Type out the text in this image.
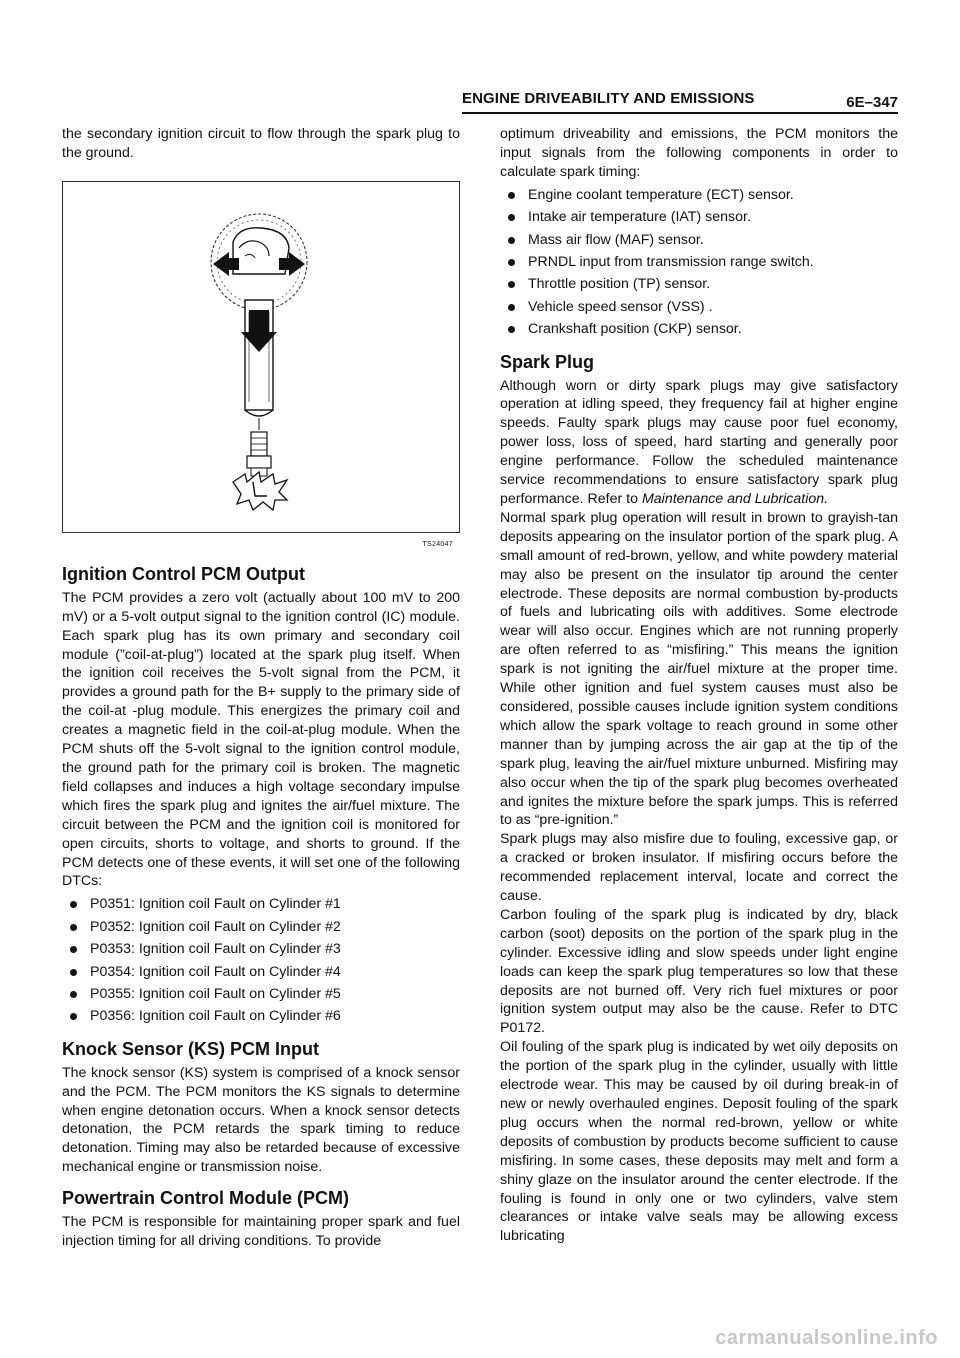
ENGINE DRIVEABILITY AND EMISSIONS	6E–347

the secondary ignition circuit to flow through the spark plug to the ground.

TS24047
Ignition Control PCM Output

The PCM provides a zero volt (actually about 100 mV to 200 mV) or a 5-volt output signal to the ignition control (IC) module. Each spark plug has its own primary and secondary coil module (”coil-at-plug”) located at the spark plug itself. When the ignition coil receives the 5-volt signal from the PCM, it provides a ground path for the B+ supply to the primary side of the coil-at -plug module. This energizes the primary coil and creates a magnetic field in the coil-at-plug module. When the PCM shuts off the 5-volt signal to the ignition control module, the ground path for the primary coil is broken. The magnetic field collapses and induces a high voltage secondary impulse which fires the spark plug and ignites the air/fuel mixture. The circuit between the PCM and the ignition coil is monitored for open circuits, shorts to voltage, and shorts to ground. If the PCM detects one of these events, it will set one of the following DTCs:

P0351: Ignition coil Fault on Cylinder #1
P0352: Ignition coil Fault on Cylinder #2
P0353: Ignition coil Fault on Cylinder #3
P0354: Ignition coil Fault on Cylinder #4
P0355: Ignition coil Fault on Cylinder #5
P0356: Ignition coil Fault on Cylinder #6
Knock Sensor (KS) PCM Input

The knock sensor (KS) system is comprised of a knock sensor and the PCM. The PCM monitors the KS signals to determine when engine detonation occurs. When a knock sensor detects detonation, the PCM retards the spark timing to reduce detonation. Timing may also be retarded because of excessive mechanical engine or transmission noise.

Powertrain Control Module (PCM)

The PCM is responsible for maintaining proper spark and fuel injection timing for all driving conditions. To provide

optimum driveability and emissions, the PCM monitors the input signals from the following components in order to calculate spark timing:

Engine coolant temperature (ECT) sensor.
Intake air temperature (IAT) sensor.
Mass air flow (MAF) sensor.
PRNDL input from transmission range switch.
Throttle position (TP) sensor.
Vehicle speed sensor (VSS) .
Crankshaft position (CKP) sensor.
Spark Plug

Although worn or dirty spark plugs may give satisfactory operation at idling speed, they frequency fail at higher engine speeds. Faulty spark plugs may cause poor fuel economy, power loss, loss of speed, hard starting and generally poor engine performance. Follow the scheduled maintenance service recommendations to ensure satisfactory spark plug performance. Refer to Maintenance and Lubrication.

Normal spark plug operation will result in brown to grayish-tan deposits appearing on the insulator portion of the spark plug. A small amount of red-brown, yellow, and white powdery material may also be present on the insulator tip around the center electrode. These deposits are normal combustion by-products of fuels and lubricating oils with additives. Some electrode wear will also occur. Engines which are not running properly are often referred to as “misfiring.” This means the ignition spark is not igniting the air/fuel mixture at the proper time. While other ignition and fuel system causes must also be considered, possible causes include ignition system conditions which allow the spark voltage to reach ground in some other manner than by jumping across the air gap at the tip of the spark plug, leaving the air/fuel mixture unburned. Misfiring may also occur when the tip of the spark plug becomes overheated and ignites the mixture before the spark jumps. This is referred to as “pre-ignition.”

Spark plugs may also misfire due to fouling, excessive gap, or a cracked or broken insulator. If misfiring occurs before the recommended replacement interval, locate and correct the cause.

Carbon fouling of the spark plug is indicated by dry, black carbon (soot) deposits on the portion of the spark plug in the cylinder. Excessive idling and slow speeds under light engine loads can keep the spark plug temperatures so low that these deposits are not burned off. Very rich fuel mixtures or poor ignition system output may also be the cause. Refer to DTC P0172.

Oil fouling of the spark plug is indicated by wet oily deposits on the portion of the spark plug in the cylinder, usually with little electrode wear. This may be caused by oil during break-in of new or newly overhauled engines. Deposit fouling of the spark plug occurs when the normal red-brown, yellow or white deposits of combustion by products become sufficient to cause misfiring. In some cases, these deposits may melt and form a shiny glaze on the insulator around the center electrode. If the fouling is found in only one or two cylinders, valve stem clearances or intake valve seals may be allowing excess lubricating

carmanualsonline.info
